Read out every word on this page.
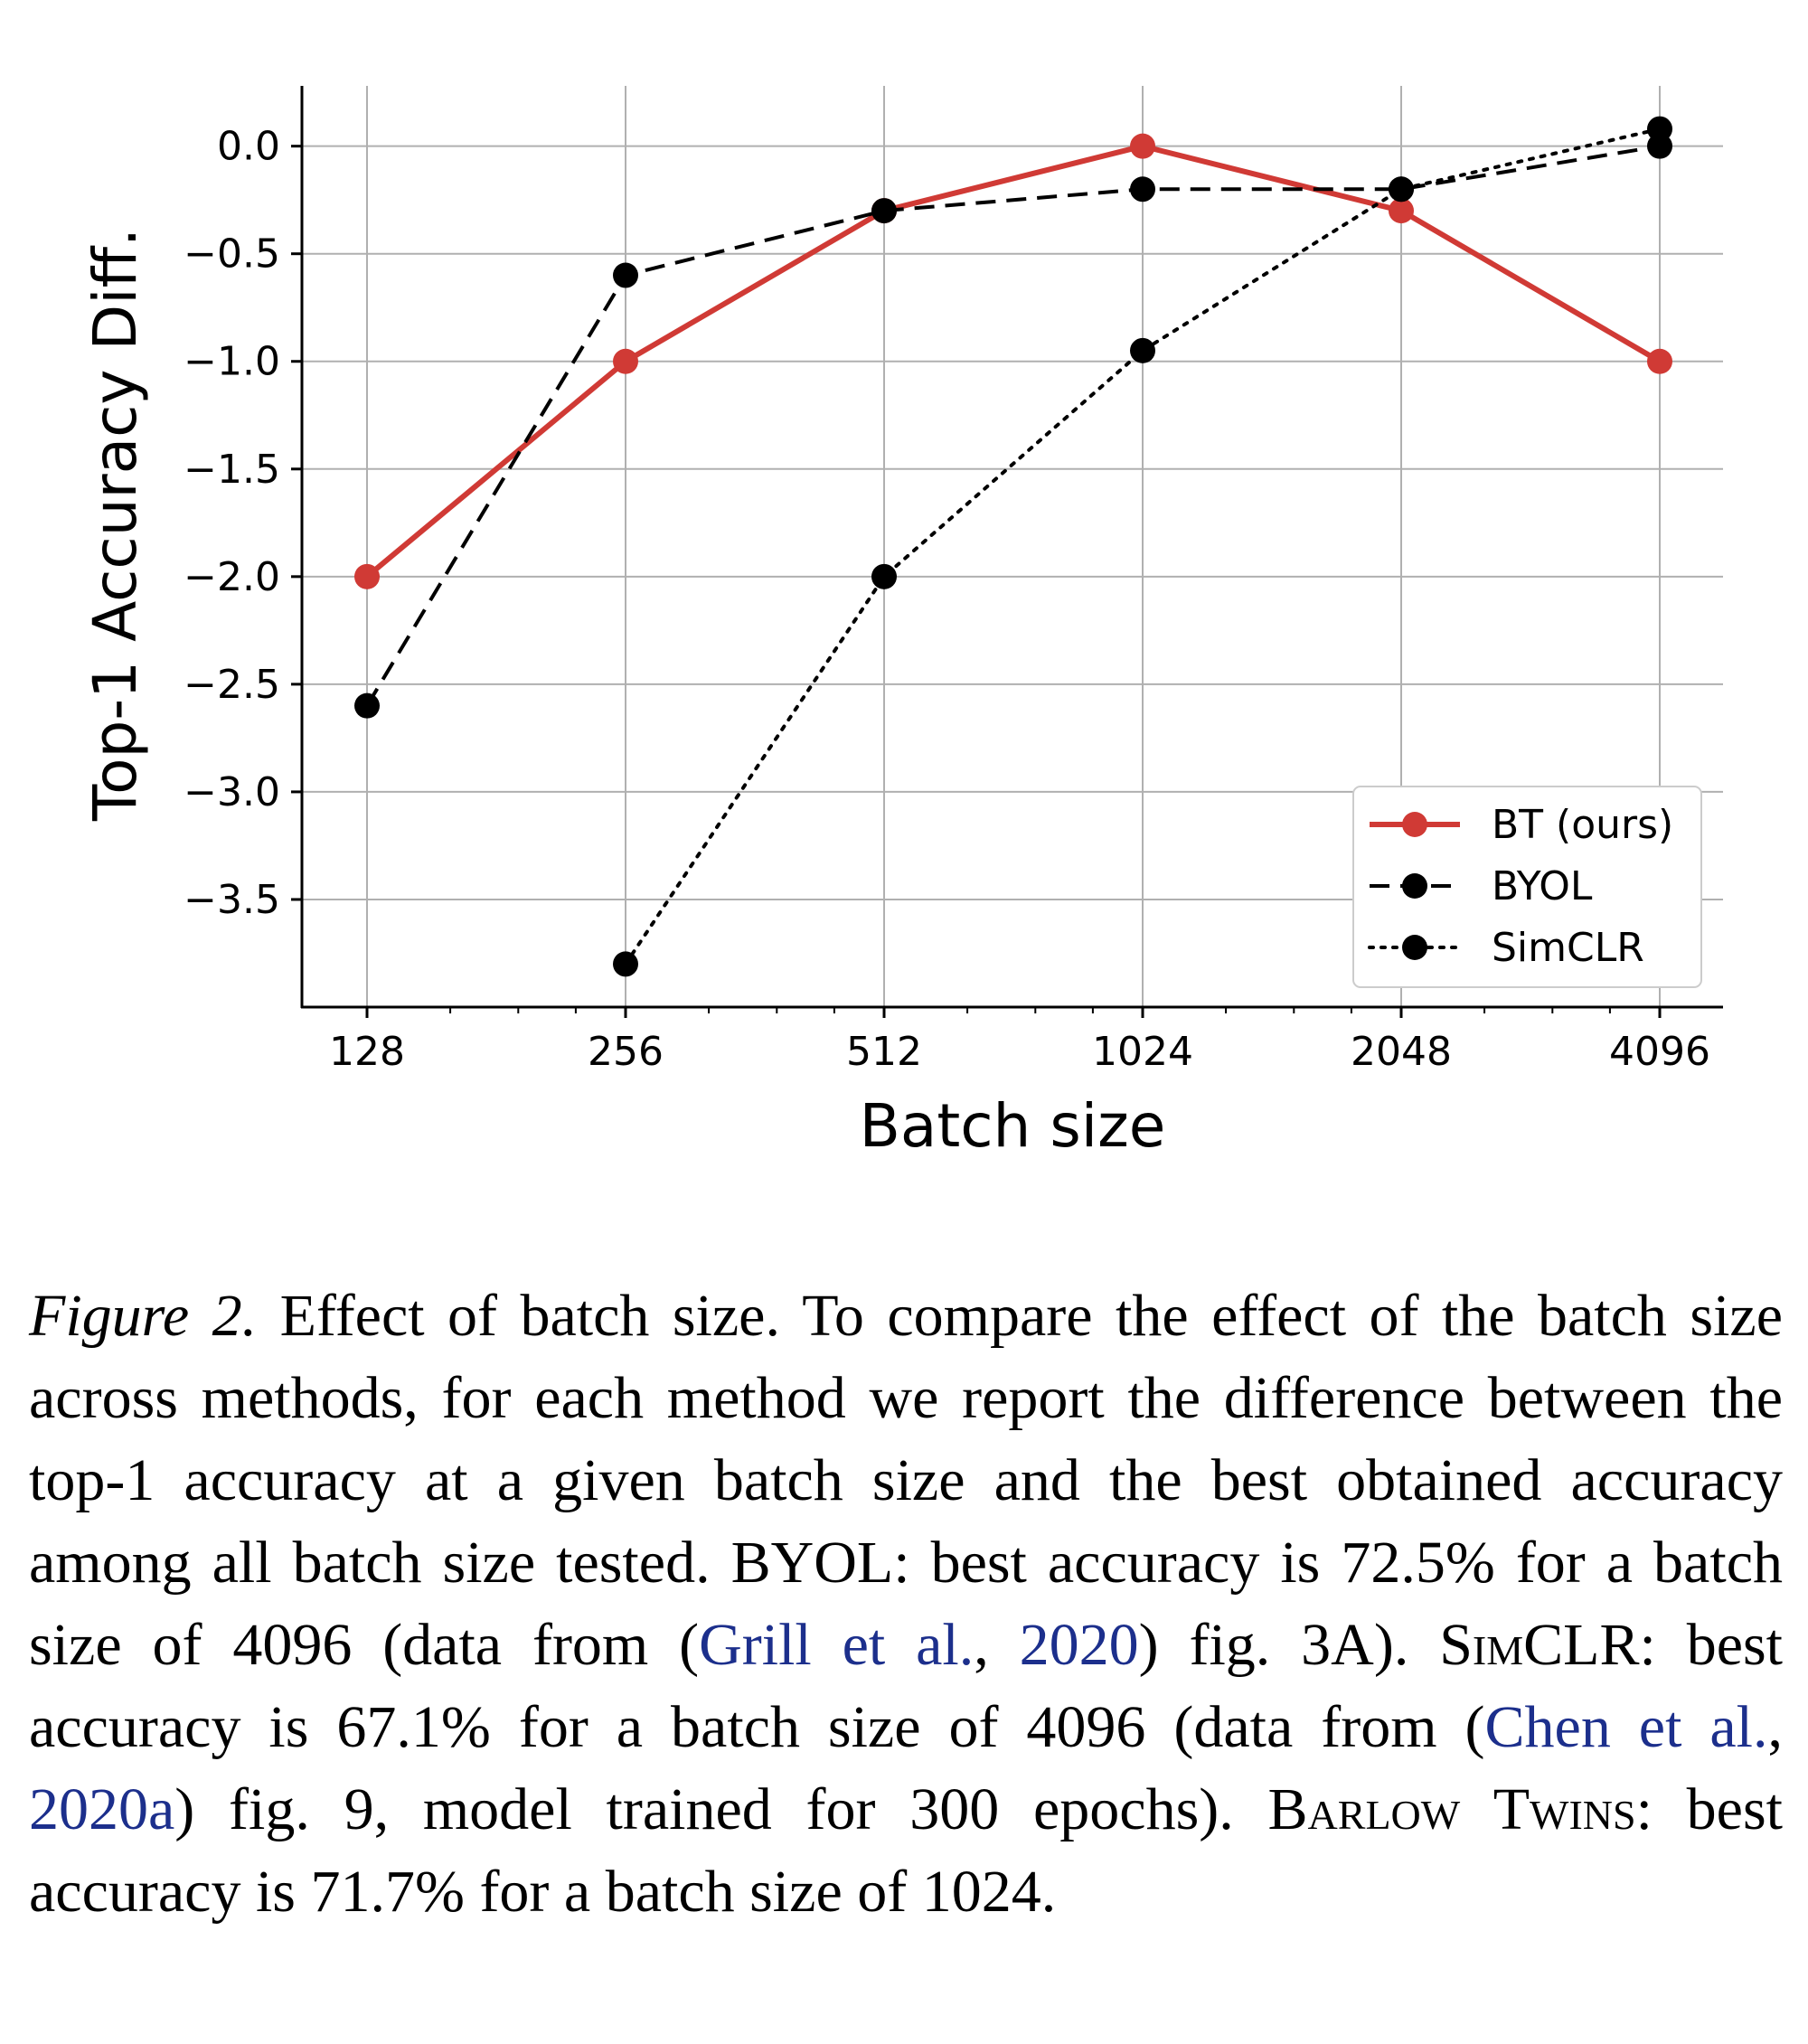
0.0
−0.5
−1.0
−1.5
−2.0
−2.5
−3.0
−3.5
128	256	512	1024	2048	4096
BT (ours)
BYOL
SimCLR
Batch size
Top-1 Accuracy Diff.
Figure 2. Effect of batch size. To compare the effect of the batch size across methods, for each method we report the difference between the top-1 accuracy at a given batch size and the best obtained accuracy among all batch size tested. BYOL: best accuracy is 72.5% for a batch size of 4096 (data from (Grill et al., 2020) fig. 3A). SimCLR: best accuracy is 67.1% for a batch size of 4096 (data from (Chen et al., 2020a) fig. 9, model trained for 300 epochs). Barlow Twins: best accuracy is 71.7% for a batch size of 1024.
